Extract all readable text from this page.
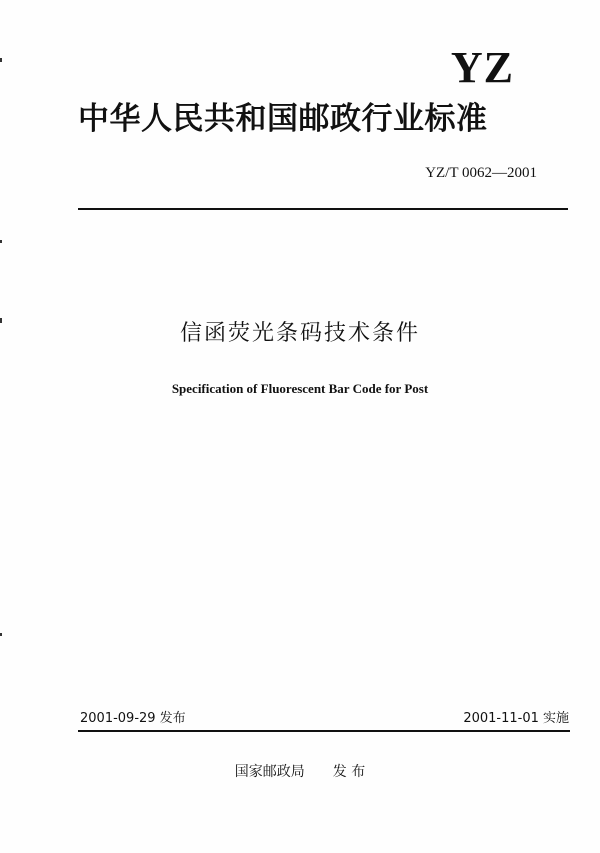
YZ
中华人民共和国邮政行业标准
YZ/T 0062—2001
信函荧光条码技术条件
Specification of Fluorescent Bar Code for Post
2001-09-29 发布	2001-11-01 实施
国家邮政局 发 布
